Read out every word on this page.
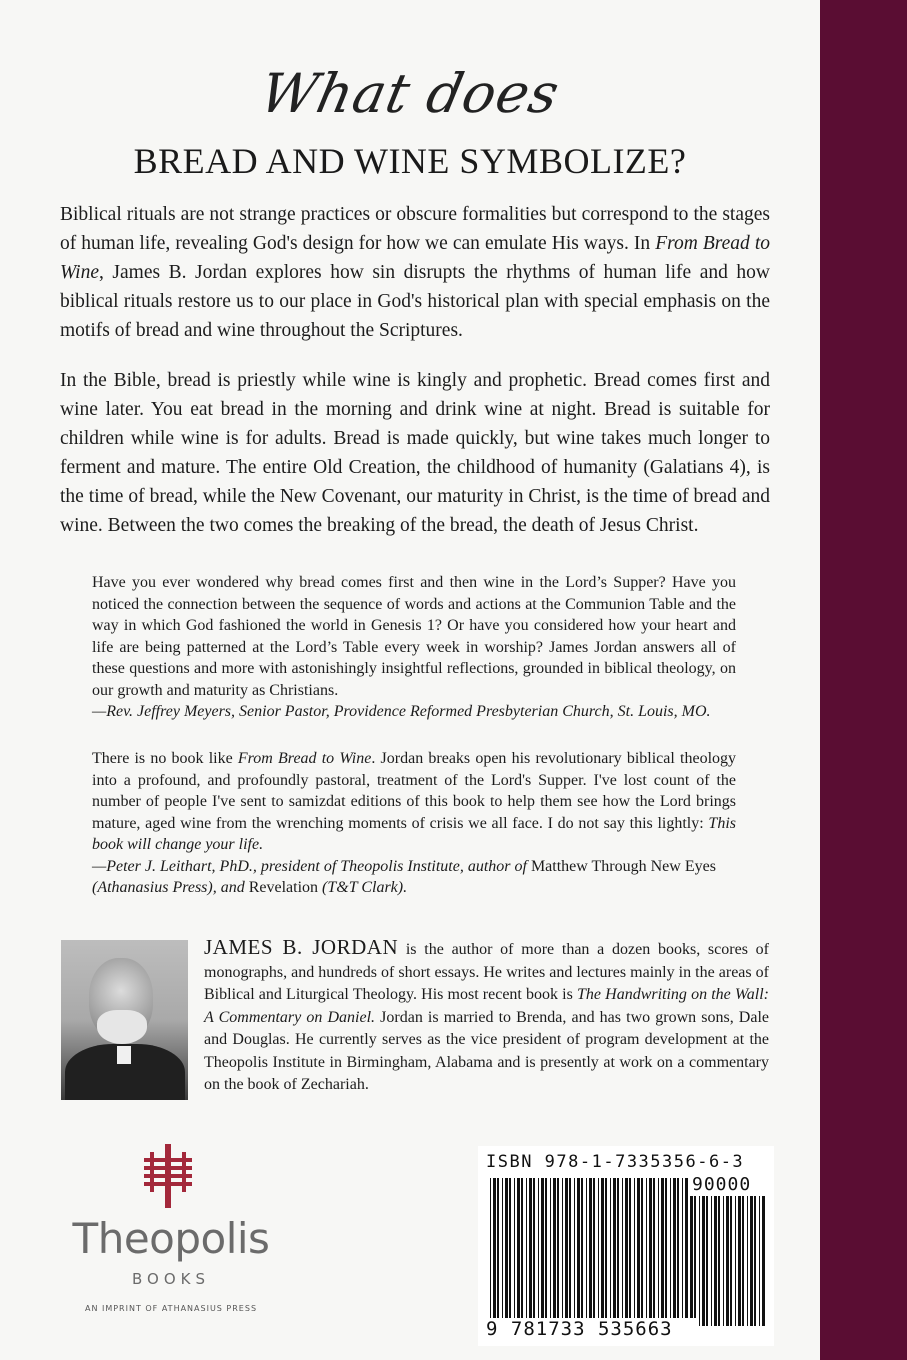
What does
BREAD AND WINE SYMBOLIZE?
Biblical rituals are not strange practices or obscure formalities but correspond to the stages of human life, revealing God's design for how we can emulate His ways. In From Bread to Wine, James B. Jordan explores how sin disrupts the rhythms of human life and how biblical rituals restore us to our place in God's historical plan with special emphasis on the motifs of bread and wine throughout the Scriptures.
In the Bible, bread is priestly while wine is kingly and prophetic. Bread comes first and wine later. You eat bread in the morning and drink wine at night. Bread is suitable for children while wine is for adults. Bread is made quickly, but wine takes much longer to ferment and mature. The entire Old Creation, the childhood of humanity (Galatians 4), is the time of bread, while the New Covenant, our maturity in Christ, is the time of bread and wine. Between the two comes the breaking of the bread, the death of Jesus Christ.
Have you ever wondered why bread comes first and then wine in the Lord’s Supper? Have you noticed the connection between the sequence of words and actions at the Communion Table and the way in which God fashioned the world in Genesis 1? Or have you considered how your heart and life are being patterned at the Lord’s Table every week in worship? James Jordan answers all of these questions and more with astonishingly insightful reflections, grounded in biblical theology, on our growth and maturity as Christians.
—Rev. Jeffrey Meyers, Senior Pastor, Providence Reformed Presbyterian Church, St. Louis, MO.
There is no book like From Bread to Wine. Jordan breaks open his revolutionary biblical theology into a profound, and profoundly pastoral, treatment of the Lord's Supper. I've lost count of the number of people I've sent to samizdat editions of this book to help them see how the Lord brings mature, aged wine from the wrenching moments of crisis we all face. I do not say this lightly: This book will change your life.
—Peter J. Leithart, PhD., president of Theopolis Institute, author of Matthew Through New Eyes (Athanasius Press), and Revelation (T&T Clark).
JAMES B. JORDAN is the author of more than a dozen books, scores of monographs, and hundreds of short essays. He writes and lectures mainly in the areas of Biblical and Liturgical Theology. His most recent book is The Handwriting on the Wall: A Commentary on Daniel. Jordan is married to Brenda, and has two grown sons, Dale and Douglas. He currently serves as the vice president of program development at the Theopolis Institute in Birmingham, Alabama and is presently at work on a commentary on the book of Zechariah.
Theopolis
BOOKS
AN IMPRINT OF ATHANASIUS PRESS
ISBN 978-1-7335356-6-3
90000
9 781733 535663
